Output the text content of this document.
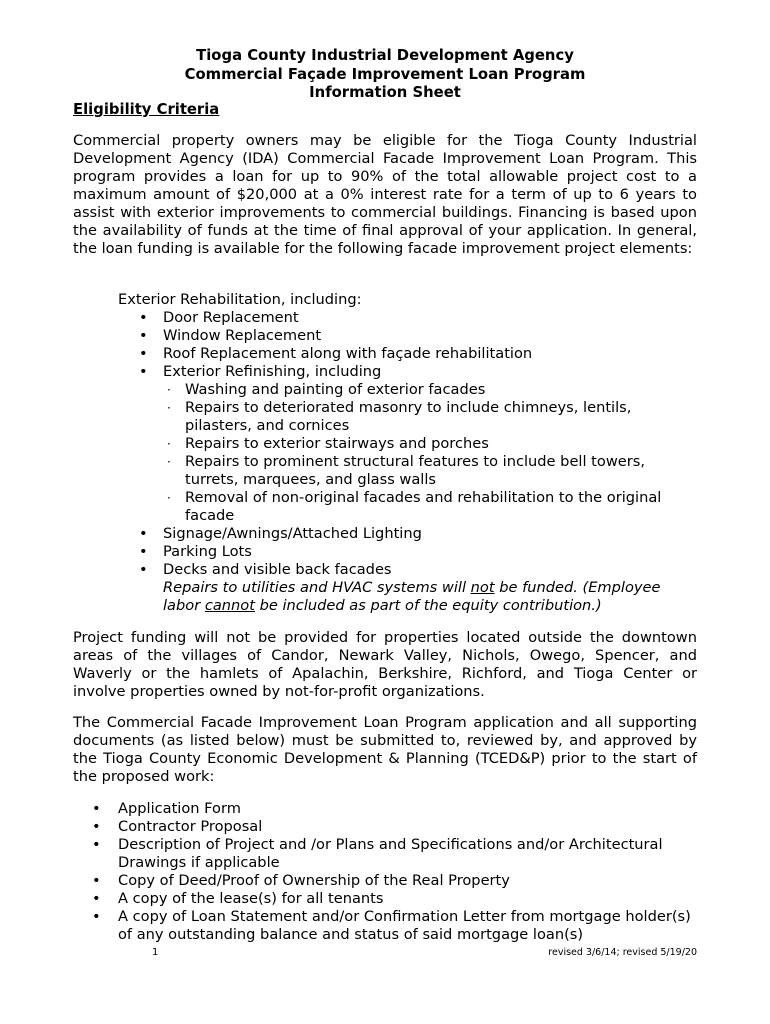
Tioga County Industrial Development Agency
Commercial Façade Improvement Loan Program
Information Sheet
Eligibility Criteria
Commercial property owners may be eligible for the Tioga County Industrial Development Agency (IDA) Commercial Facade Improvement Loan Program. This program provides a loan for up to 90% of the total allowable project cost to a maximum amount of $20,000 at a 0% interest rate for a term of up to 6 years to assist with exterior improvements to commercial buildings. Financing is based upon the availability of funds at the time of final approval of your application. In general, the loan funding is available for the following facade improvement project elements:
Exterior Rehabilitation, including:
• Door Replacement
• Window Replacement
• Roof Replacement along with façade rehabilitation
• Exterior Refinishing, including
· Washing and painting of exterior facades
· Repairs to deteriorated masonry to include chimneys, lentils, pilasters, and cornices
· Repairs to exterior stairways and porches
· Repairs to prominent structural features to include bell towers, turrets, marquees, and glass walls
· Removal of non-original facades and rehabilitation to the original facade
• Signage/Awnings/Attached Lighting
• Parking Lots
• Decks and visible back facades
Repairs to utilities and HVAC systems will not be funded. (Employee labor cannot be included as part of the equity contribution.)
Project funding will not be provided for properties located outside the downtown areas of the villages of Candor, Newark Valley, Nichols, Owego, Spencer, and Waverly or the hamlets of Apalachin, Berkshire, Richford, and Tioga Center or involve properties owned by not-for-profit organizations.
The Commercial Facade Improvement Loan Program application and all supporting documents (as listed below) must be submitted to, reviewed by, and approved by the Tioga County Economic Development & Planning (TCED&P) prior to the start of the proposed work:
• Application Form
• Contractor Proposal
• Description of Project and /or Plans and Specifications and/or Architectural Drawings if applicable
• Copy of Deed/Proof of Ownership of the Real Property
• A copy of the lease(s) for all tenants
• A copy of Loan Statement and/or Confirmation Letter from mortgage holder(s) of any outstanding balance and status of said mortgage loan(s)
1	revised 3/6/14; revised 5/19/20
